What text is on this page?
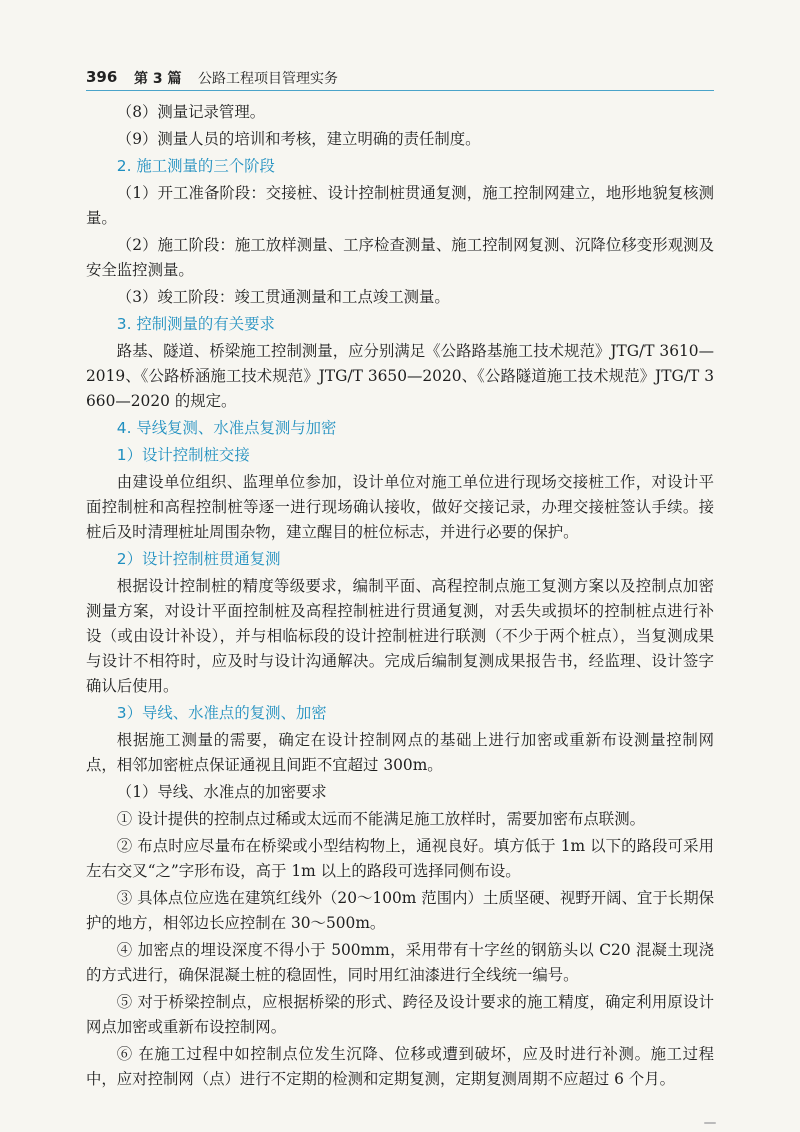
396 第 3 篇 公路工程项目管理实务
（8）测量记录管理。
（9）测量人员的培训和考核，建立明确的责任制度。
2. 施工测量的三个阶段
（1）开工准备阶段：交接桩、设计控制桩贯通复测，施工控制网建立，地形地貌复核测量。
（2）施工阶段：施工放样测量、工序检查测量、施工控制网复测、沉降位移变形观测及安全监控测量。
（3）竣工阶段：竣工贯通测量和工点竣工测量。
3. 控制测量的有关要求
路基、隧道、桥梁施工控制测量，应分别满足《公路路基施工技术规范》JTG/T 3610—2019、《公路桥涵施工技术规范》JTG/T 3650—2020、《公路隧道施工技术规范》JTG/T 3660—2020 的规定。
4. 导线复测、水准点复测与加密
1）设计控制桩交接
由建设单位组织、监理单位参加，设计单位对施工单位进行现场交接桩工作，对设计平面控制桩和高程控制桩等逐一进行现场确认接收，做好交接记录，办理交接桩签认手续。接桩后及时清理桩址周围杂物，建立醒目的桩位标志，并进行必要的保护。
2）设计控制桩贯通复测
根据设计控制桩的精度等级要求，编制平面、高程控制点施工复测方案以及控制点加密测量方案，对设计平面控制桩及高程控制桩进行贯通复测，对丢失或损坏的控制桩点进行补设（或由设计补设），并与相临标段的设计控制桩进行联测（不少于两个桩点），当复测成果与设计不相符时，应及时与设计沟通解决。完成后编制复测成果报告书，经监理、设计签字确认后使用。
3）导线、水准点的复测、加密
根据施工测量的需要，确定在设计控制网点的基础上进行加密或重新布设测量控制网点，相邻加密桩点保证通视且间距不宜超过 300m。
（1）导线、水准点的加密要求
① 设计提供的控制点过稀或太远而不能满足施工放样时，需要加密布点联测。
② 布点时应尽量布在桥梁或小型结构物上，通视良好。填方低于 1m 以下的路段可采用左右交叉“之”字形布设，高于 1m 以上的路段可选择同侧布设。
③ 具体点位应选在建筑红线外（20～100m 范围内）土质坚硬、视野开阔、宜于长期保护的地方，相邻边长应控制在 30～500m。
④ 加密点的埋设深度不得小于 500mm，采用带有十字丝的钢筋头以 C20 混凝土现浇的方式进行，确保混凝土桩的稳固性，同时用红油漆进行全线统一编号。
⑤ 对于桥梁控制点，应根据桥梁的形式、跨径及设计要求的施工精度，确定利用原设计网点加密或重新布设控制网。
⑥ 在施工过程中如控制点位发生沉降、位移或遭到破坏，应及时进行补测。施工过程中，应对控制网（点）进行不定期的检测和定期复测，定期复测周期不应超过 6 个月。
